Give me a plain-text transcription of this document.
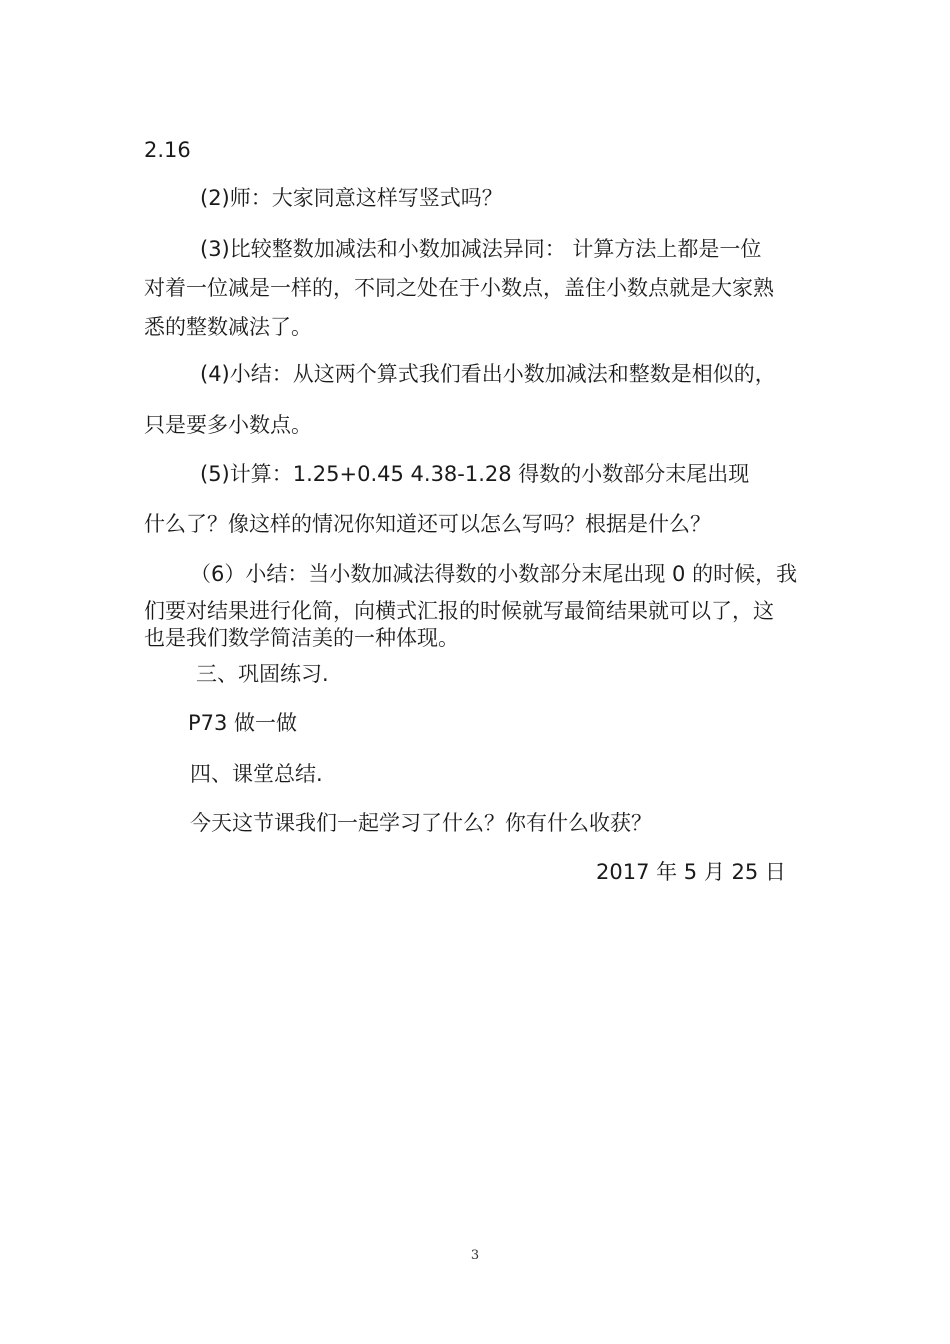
2.16
(2)师：大家同意这样写竖式吗？
(3)比较整数加减法和小数加减法异同： 计算方法上都是一位
对着一位减是一样的，不同之处在于小数点，盖住小数点就是大家熟
悉的整数减法了。
(4)小结：从这两个算式我们看出小数加减法和整数是相似的，
只是要多小数点。
(5)计算：1.25+0.45 4.38-1.28 得数的小数部分末尾出现
什么了？像这样的情况你知道还可以怎么写吗？根据是什么？
（6）小结：当小数加减法得数的小数部分末尾出现 0 的时候，我
们要对结果进行化简，向横式汇报的时候就写最简结果就可以了，这
也是我们数学简洁美的一种体现。
三、巩固练习.
P73 做一做
四、课堂总结.
今天这节课我们一起学习了什么？你有什么收获？
2017 年 5 月 25 日
3
